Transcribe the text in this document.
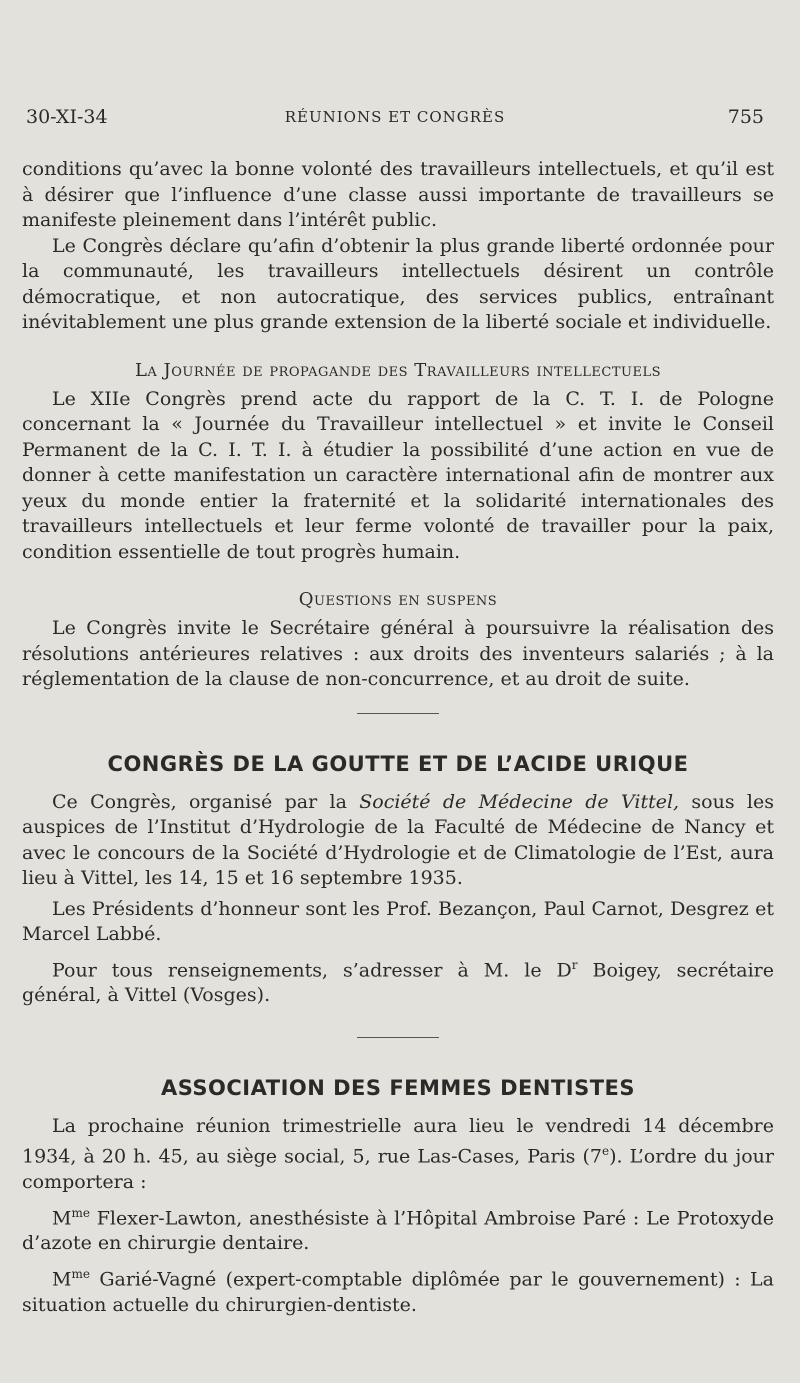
30-XI-34	RÉUNIONS ET CONGRÈS	755

conditions qu’avec la bonne volonté des travailleurs intellectuels, et qu’il est à désirer que l’influence d’une classe aussi importante de travailleurs se manifeste pleinement dans l’intérêt public.

Le Congrès déclare qu’afin d’obtenir la plus grande liberté ordonnée pour la communauté, les travailleurs intellectuels désirent un contrôle démocratique, et non autocratique, des services publics, entraînant inévitablement une plus grande extension de la liberté sociale et individuelle.

La Journée de propagande des Travailleurs intellectuels

Le XIIe Congrès prend acte du rapport de la C. T. I. de Pologne concernant la « Journée du Travailleur intellectuel » et invite le Conseil Permanent de la C. I. T. I. à étudier la possibilité d’une action en vue de donner à cette manifestation un caractère international afin de montrer aux yeux du monde entier la fraternité et la solidarité internationales des travailleurs intellectuels et leur ferme volonté de travailler pour la paix, condition essentielle de tout progrès humain.

Questions en suspens

Le Congrès invite le Secrétaire général à poursuivre la réalisation des résolutions antérieures relatives : aux droits des inventeurs salariés ; à la réglementation de la clause de non-concurrence, et au droit de suite.

CONGRÈS DE LA GOUTTE ET DE L’ACIDE URIQUE

Ce Congrès, organisé par la Société de Médecine de Vittel, sous les auspices de l’Institut d’Hydrologie de la Faculté de Médecine de Nancy et avec le concours de la Société d’Hydrologie et de Climatologie de l’Est, aura lieu à Vittel, les 14, 15 et 16 septembre 1935.

Les Présidents d’honneur sont les Prof. Bezançon, Paul Carnot, Desgrez et Marcel Labbé.

Pour tous renseignements, s’adresser à M. le $D^r$ Boigey, secrétaire général, à Vittel (Vosges).

ASSOCIATION DES FEMMES DENTISTES

La prochaine réunion trimestrielle aura lieu le vendredi 14 décembre 1934, à 20 h. 45, au siège social, 5, rue Las-Cases, Paris (7e). L’ordre du jour comportera :

$M^{me}$ Flexer-Lawton, anesthésiste à l’Hôpital Ambroise Paré : Le Protoxyde d’azote en chirurgie dentaire.

$M^{me}$ Garié-Vagné (expert-comptable diplômée par le gouvernement) : La situation actuelle du chirurgien-dentiste.
